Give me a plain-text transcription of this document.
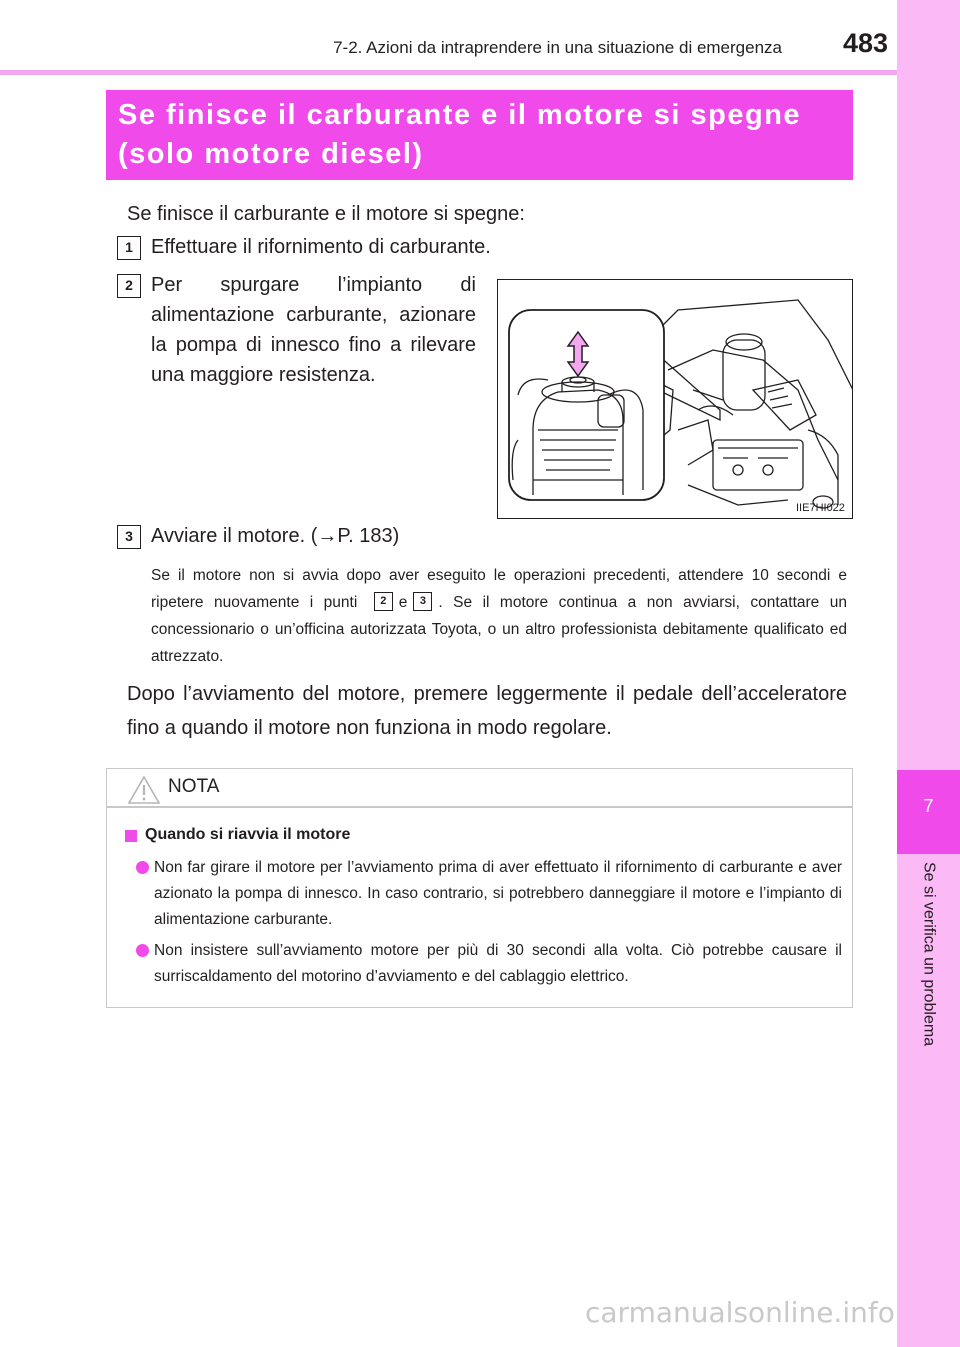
7-2. Azioni da intraprendere in una situazione di emergenza	483
7
Se si verifica un problema
Se finisce il carburante e il motore si spegne
(solo motore diesel)
Se finisce il carburante e il motore si spegne:
1 Effettuare il rifornimento di carburante.
2 Per spurgare l’impianto di alimentazione carburante, azionare la pompa di innesco fino a rilevare una maggiore resistenza.
IIE7HI022
3 Avviare il motore. (→P. 183)
Se il motore non si avvia dopo aver eseguito le operazioni precedenti, attendere 10 secondi e ripetere nuovamente i punti 2 e 3 . Se il motore continua a non avviarsi, contattare un concessionario o un’officina autorizzata Toyota, o un altro professionista debitamente qualificato ed attrezzato.
Dopo l’avviamento del motore, premere leggermente il pedale dell’acceleratore fino a quando il motore non funziona in modo regolare.
NOTA
Quando si riavvia il motore
Non far girare il motore per l’avviamento prima di aver effettuato il rifornimento di carburante e aver azionato la pompa di innesco. In caso contrario, si potrebbero danneggiare il motore e l’impianto di alimentazione carburante.
Non insistere sull’avviamento motore per più di 30 secondi alla volta. Ciò potrebbe causare il surriscaldamento del motorino d’avviamento e del cablaggio elettrico.
carmanualsonline.info
